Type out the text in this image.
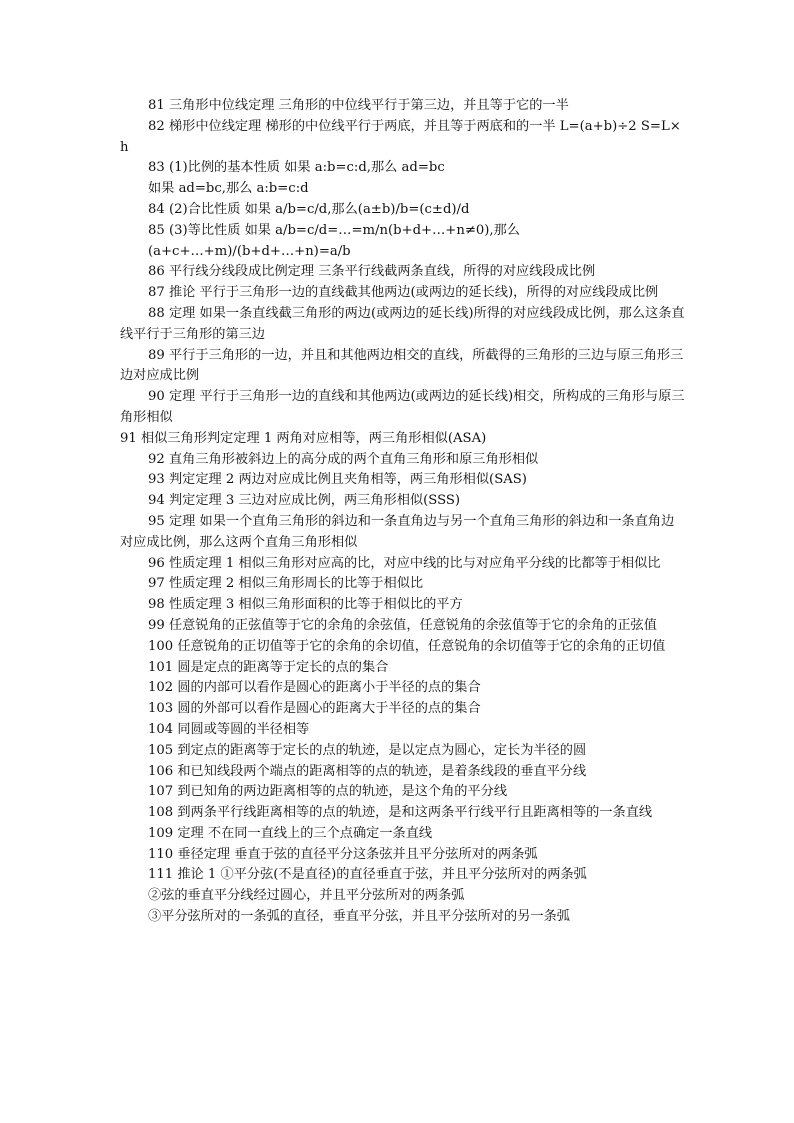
81 三角形中位线定理 三角形的中位线平行于第三边，并且等于它的一半

82 梯形中位线定理 梯形的中位线平行于两底，并且等于两底和的一半 L=(a+b)÷2 S=L×h

83 (1)比例的基本性质 如果 a:b=c:d,那么 ad=bc

如果 ad=bc,那么 a:b=c:d

84 (2)合比性质 如果 a/b=c/d,那么(a±b)/b=(c±d)/d

85 (3)等比性质 如果 a/b=c/d=…=m/n(b+d+…+n≠0),那么

(a+c+…+m)/(b+d+…+n)=a/b

86 平行线分线段成比例定理 三条平行线截两条直线，所得的对应线段成比例

87 推论 平行于三角形一边的直线截其他两边(或两边的延长线)，所得的对应线段成比例

88 定理 如果一条直线截三角形的两边(或两边的延长线)所得的对应线段成比例，那么这条直线平行于三角形的第三边

89 平行于三角形的一边，并且和其他两边相交的直线，所截得的三角形的三边与原三角形三边对应成比例

90 定理 平行于三角形一边的直线和其他两边(或两边的延长线)相交，所构成的三角形与原三角形相似

91 相似三角形判定定理 1 两角对应相等，两三角形相似(ASA)

92 直角三角形被斜边上的高分成的两个直角三角形和原三角形相似

93 判定定理 2 两边对应成比例且夹角相等，两三角形相似(SAS)

94 判定定理 3 三边对应成比例，两三角形相似(SSS)

95 定理 如果一个直角三角形的斜边和一条直角边与另一个直角三角形的斜边和一条直角边对应成比例，那么这两个直角三角形相似

96 性质定理 1 相似三角形对应高的比，对应中线的比与对应角平分线的比都等于相似比

97 性质定理 2 相似三角形周长的比等于相似比

98 性质定理 3 相似三角形面积的比等于相似比的平方

99 任意锐角的正弦值等于它的余角的余弦值，任意锐角的余弦值等于它的余角的正弦值

100 任意锐角的正切值等于它的余角的余切值，任意锐角的余切值等于它的余角的正切值

101 圆是定点的距离等于定长的点的集合

102 圆的内部可以看作是圆心的距离小于半径的点的集合

103 圆的外部可以看作是圆心的距离大于半径的点的集合

104 同圆或等圆的半径相等

105 到定点的距离等于定长的点的轨迹，是以定点为圆心，定长为半径的圆

106 和已知线段两个端点的距离相等的点的轨迹，是着条线段的垂直平分线

107 到已知角的两边距离相等的点的轨迹，是这个角的平分线

108 到两条平行线距离相等的点的轨迹，是和这两条平行线平行且距离相等的一条直线

109 定理 不在同一直线上的三个点确定一条直线

110 垂径定理 垂直于弦的直径平分这条弦并且平分弦所对的两条弧

111 推论 1 ①平分弦(不是直径)的直径垂直于弦，并且平分弦所对的两条弧

②弦的垂直平分线经过圆心，并且平分弦所对的两条弧

③平分弦所对的一条弧的直径，垂直平分弦，并且平分弦所对的另一条弧
